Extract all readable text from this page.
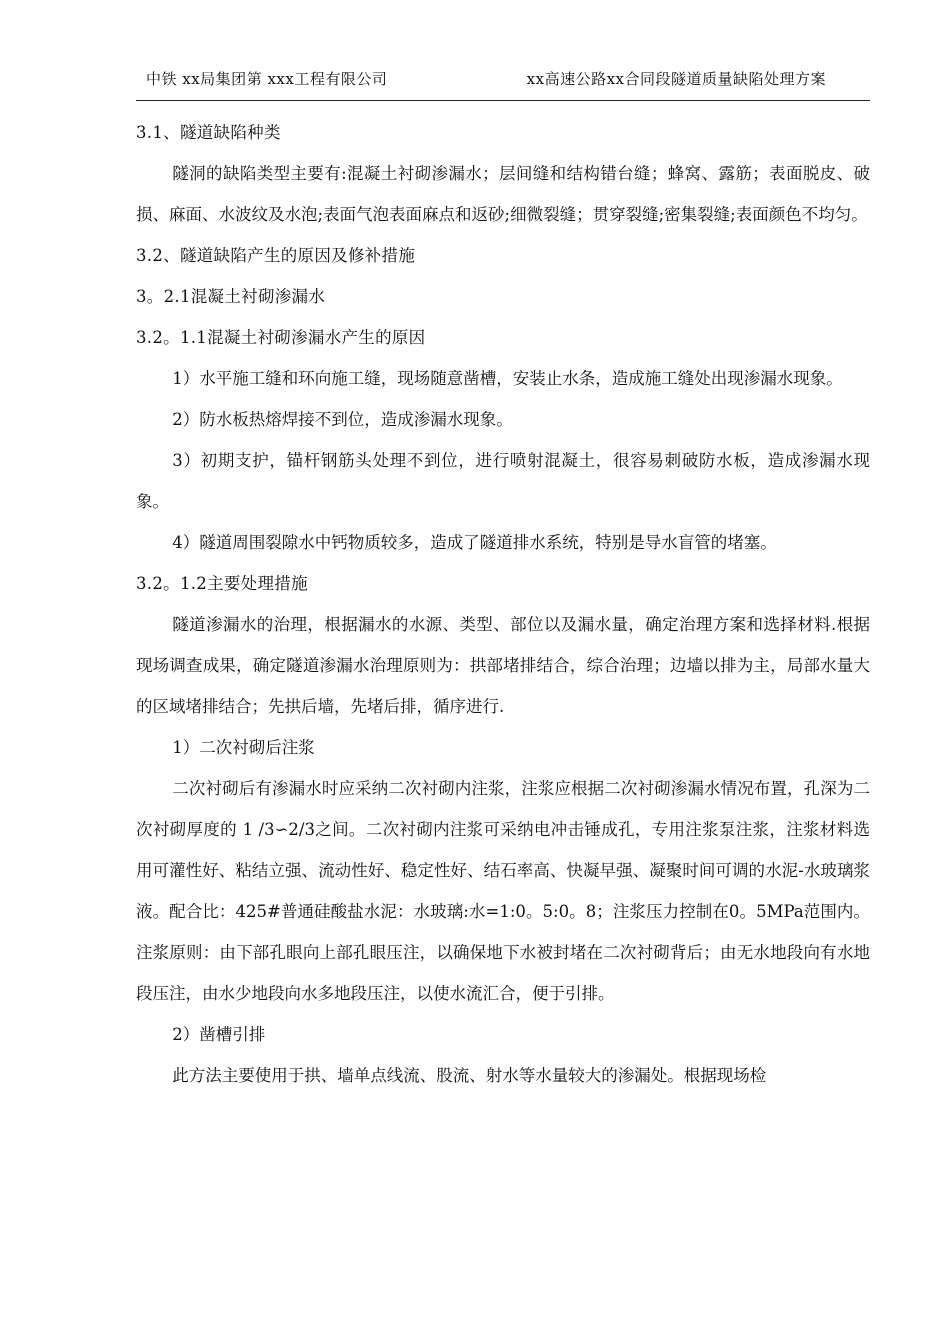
中铁 xx局集团第 xxx工程有限公司	xx高速公路xx合同段隧道质量缺陷处理方案

3.1、隧道缺陷种类

隧洞的缺陷类型主要有:混凝土衬砌渗漏水；层间缝和结构错台缝；蜂窝、露筋；表面脱皮、破损、麻面、水波纹及水泡;表面气泡表面麻点和返砂;细微裂缝；贯穿裂缝;密集裂缝;表面颜色不均匀。

3.2、隧道缺陷产生的原因及修补措施

3。2.1混凝土衬砌渗漏水

3.2。1.1混凝土衬砌渗漏水产生的原因

1）水平施工缝和环向施工缝，现场随意凿槽，安装止水条，造成施工缝处出现渗漏水现象。

2）防水板热熔焊接不到位，造成渗漏水现象。

3）初期支护，锚杆钢筋头处理不到位，进行喷射混凝土，很容易刺破防水板，造成渗漏水现象。

4）隧道周围裂隙水中钙物质较多，造成了隧道排水系统，特别是导水盲管的堵塞。

3.2。1.2主要处理措施

隧道渗漏水的治理，根据漏水的水源、类型、部位以及漏水量，确定治理方案和选择材料.根据现场调查成果，确定隧道渗漏水治理原则为：拱部堵排结合，综合治理；边墙以排为主，局部水量大的区域堵排结合；先拱后墙，先堵后排，循序进行.

1）二次衬砌后注浆

二次衬砌后有渗漏水时应采纳二次衬砌内注浆，注浆应根据二次衬砌渗漏水情况布置，孔深为二次衬砌厚度的 1 /3∽2/3之间。二次衬砌内注浆可采纳电冲击锤成孔，专用注浆泵注浆，注浆材料选用可灌性好、粘结立强、流动性好、稳定性好、结石率高、快凝早强、凝聚时间可调的水泥-水玻璃浆液。配合比：425#普通硅酸盐水泥：水玻璃:水=1:0。5:0。8；注浆压力控制在0。5MPa范围内。注浆原则：由下部孔眼向上部孔眼压注，以确保地下水被封堵在二次衬砌背后；由无水地段向有水地段压注，由水少地段向水多地段压注，以使水流汇合，便于引排。

2）凿槽引排

此方法主要使用于拱、墙单点线流、股流、射水等水量较大的渗漏处。根据现场检
